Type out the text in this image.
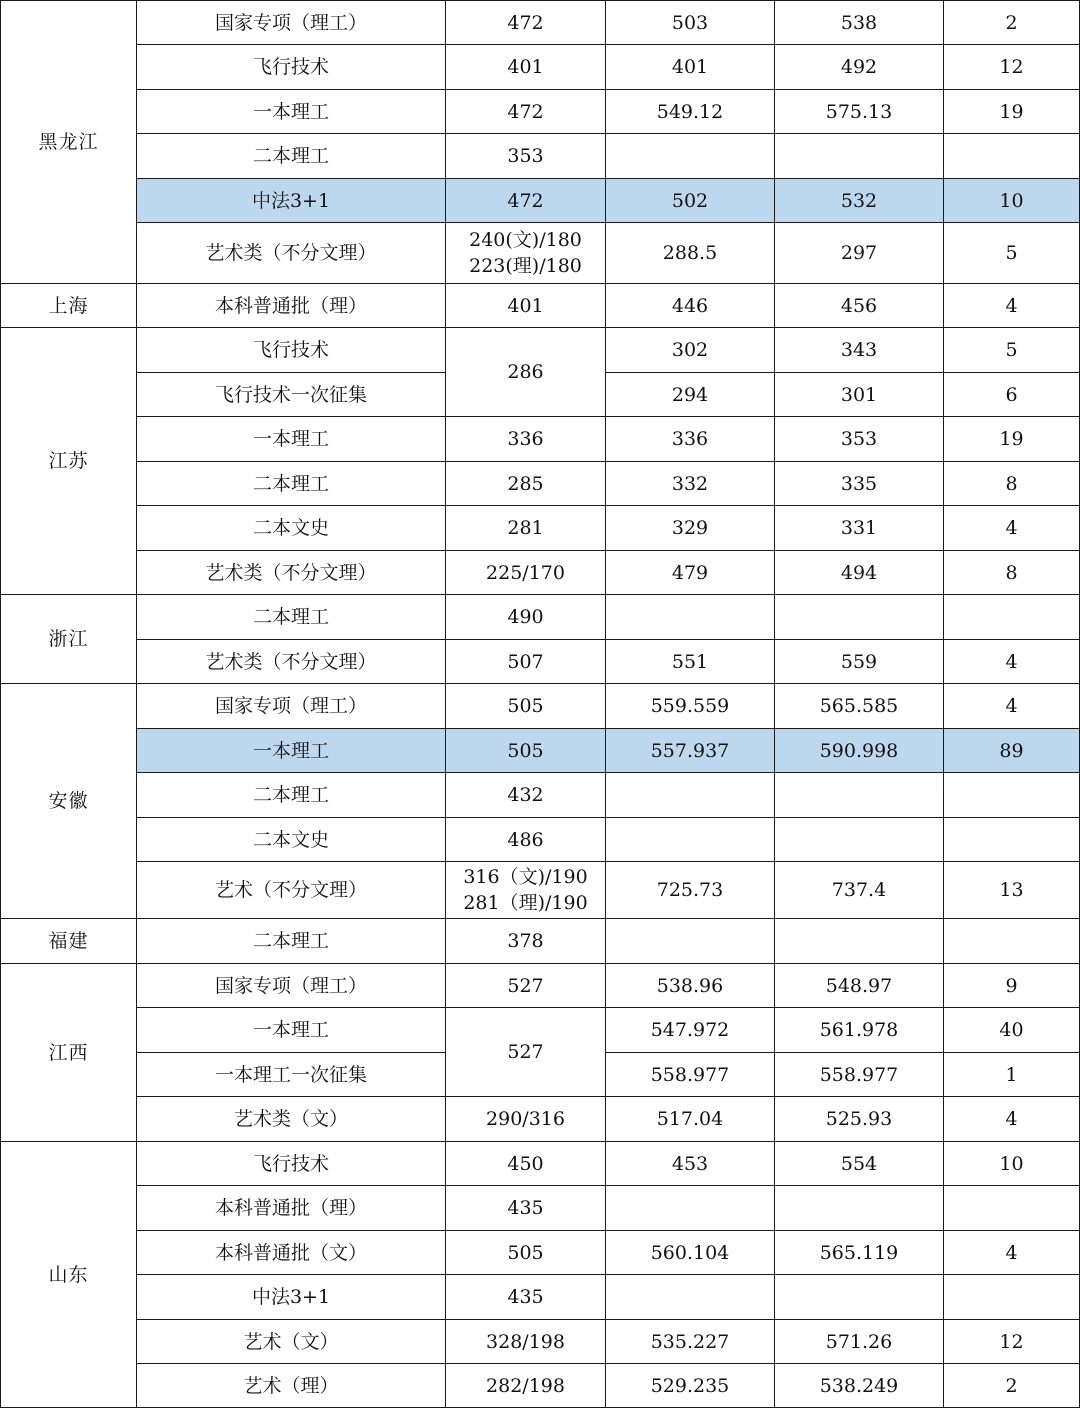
黑龙江	国家专项（理工）	472	503	538	2
	飞行技术	401	401	492	12
	一本理工	472	549.12	575.13	19
	二本理工	353			
	中法3+1	472	502	532	10
	艺术类（不分文理）	240(文)/180
223(理)/180	288.5	297	5
上海	本科普通批（理）	401	446	456	4
江苏	飞行技术	286	302	343	5
	飞行技术一次征集		294	301	6
	一本理工	336	336	353	19
	二本理工	285	332	335	8
	二本文史	281	329	331	4
	艺术类（不分文理）	225/170	479	494	8
浙江	二本理工	490			
	艺术类（不分文理）	507	551	559	4
安徽	国家专项（理工）	505	559.559	565.585	4
	一本理工	505	557.937	590.998	89
	二本理工	432			
	二本文史	486			
	艺术（不分文理）	316（文)/190
281（理)/190	725.73	737.4	13
福建	二本理工	378			
江西	国家专项（理工）	527	538.96	548.97	9
	一本理工	527	547.972	561.978	40
	一本理工一次征集		558.977	558.977	1
	艺术类（文）	290/316	517.04	525.93	4
山东	飞行技术	450	453	554	10
	本科普通批（理）	435			
	本科普通批（文）	505	560.104	565.119	4
	中法3+1	435			
	艺术（文）	328/198	535.227	571.26	12
	艺术（理）	282/198	529.235	538.249	2
